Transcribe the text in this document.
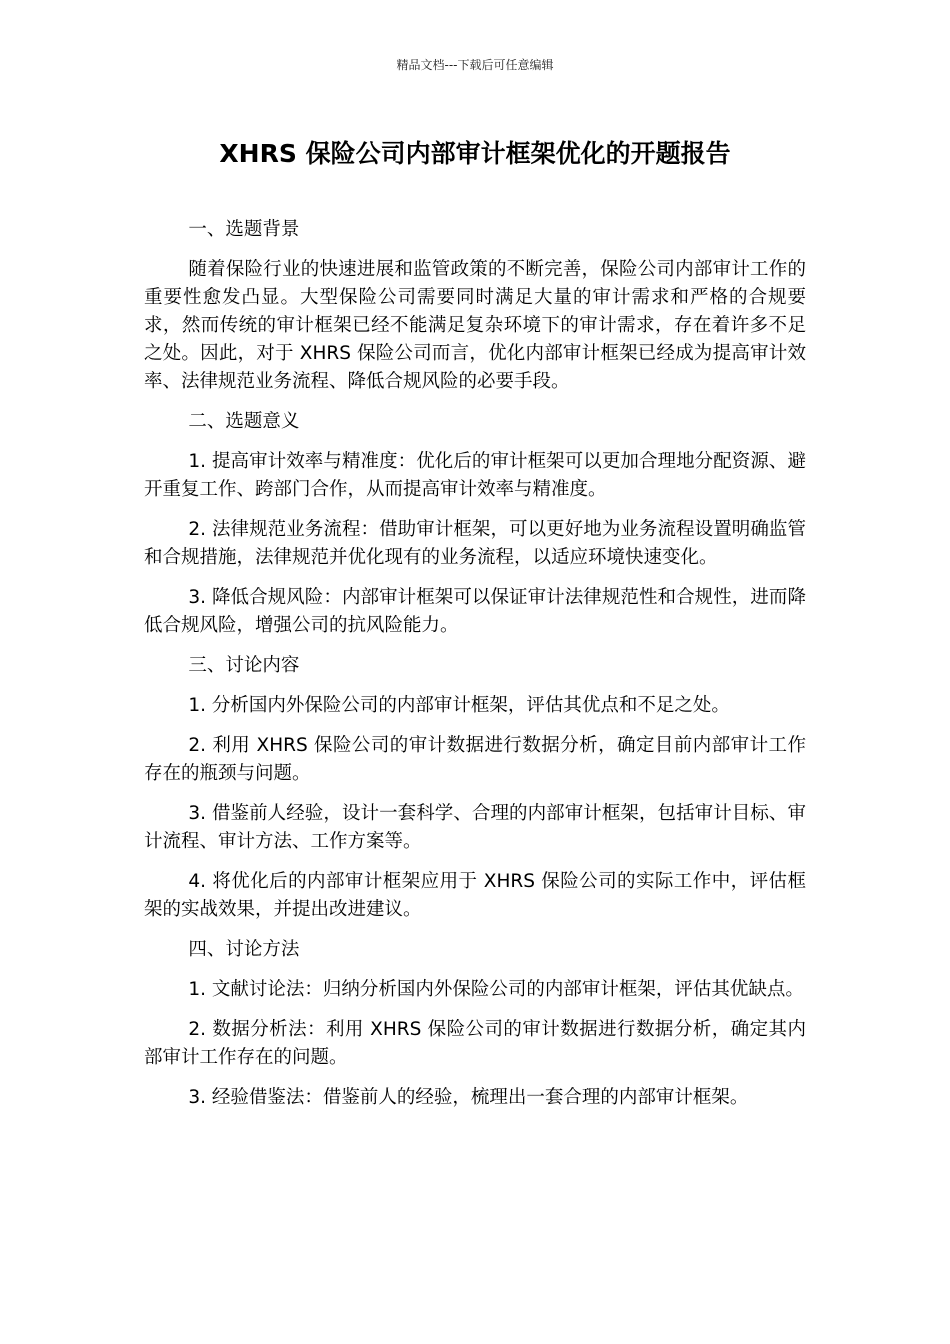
精品文档---下载后可任意编辑
XHRS 保险公司内部审计框架优化的开题报告

一、选题背景

随着保险行业的快速进展和监管政策的不断完善，保险公司内部审计工作的重要性愈发凸显。大型保险公司需要同时满足大量的审计需求和严格的合规要求，然而传统的审计框架已经不能满足复杂环境下的审计需求，存在着许多不足之处。因此，对于 XHRS 保险公司而言，优化内部审计框架已经成为提高审计效率、法律规范业务流程、降低合规风险的必要手段。

二、选题意义

1. 提高审计效率与精准度：优化后的审计框架可以更加合理地分配资源、避开重复工作、跨部门合作，从而提高审计效率与精准度。

2. 法律规范业务流程：借助审计框架，可以更好地为业务流程设置明确监管和合规措施，法律规范并优化现有的业务流程，以适应环境快速变化。

3. 降低合规风险：内部审计框架可以保证审计法律规范性和合规性，进而降低合规风险，增强公司的抗风险能力。

三、讨论内容

1. 分析国内外保险公司的内部审计框架，评估其优点和不足之处。

2. 利用 XHRS 保险公司的审计数据进行数据分析，确定目前内部审计工作存在的瓶颈与问题。

3. 借鉴前人经验，设计一套科学、合理的内部审计框架，包括审计目标、审计流程、审计方法、工作方案等。

4. 将优化后的内部审计框架应用于 XHRS 保险公司的实际工作中，评估框架的实战效果，并提出改进建议。

四、讨论方法

1. 文献讨论法：归纳分析国内外保险公司的内部审计框架，评估其优缺点。

2. 数据分析法：利用 XHRS 保险公司的审计数据进行数据分析，确定其内部审计工作存在的问题。

3. 经验借鉴法：借鉴前人的经验，梳理出一套合理的内部审计框架。
